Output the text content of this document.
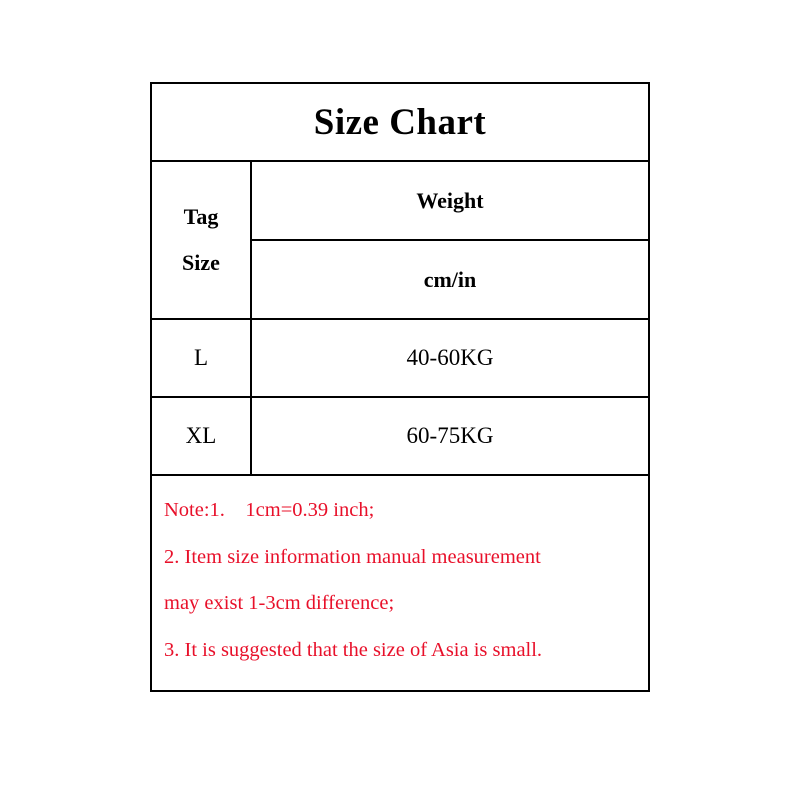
Size Chart
Tag
Size
Weight
cm/in
L	40-60KG
XL	60-75KG
Note:1.    1cm=0.39 inch;
2. Item size information manual measurement
may exist 1-3cm difference;
3. It is suggested that the size of Asia is small.
